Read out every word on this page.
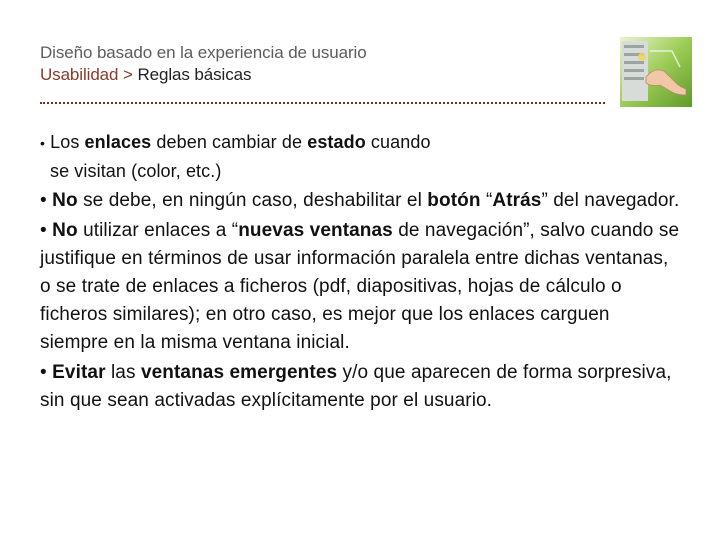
Diseño basado en la experiencia de usuario
Usabilidad > Reglas básicas

• Los enlaces deben cambiar de estado cuando
se visitan (color, etc.)

• No se debe, en ningún caso, deshabilitar el botón “Atrás” del navegador.

• No utilizar enlaces a “nuevas ventanas de navegación”, salvo cuando se justifique en términos de usar información paralela entre dichas ventanas, o se trate de enlaces a ficheros (pdf, diapositivas, hojas de cálculo o ficheros similares); en otro caso, es mejor que los enlaces carguen siempre en la misma ventana inicial.

• Evitar las ventanas emergentes y/o que aparecen de forma sorpresiva, sin que sean activadas explícitamente por el usuario.
